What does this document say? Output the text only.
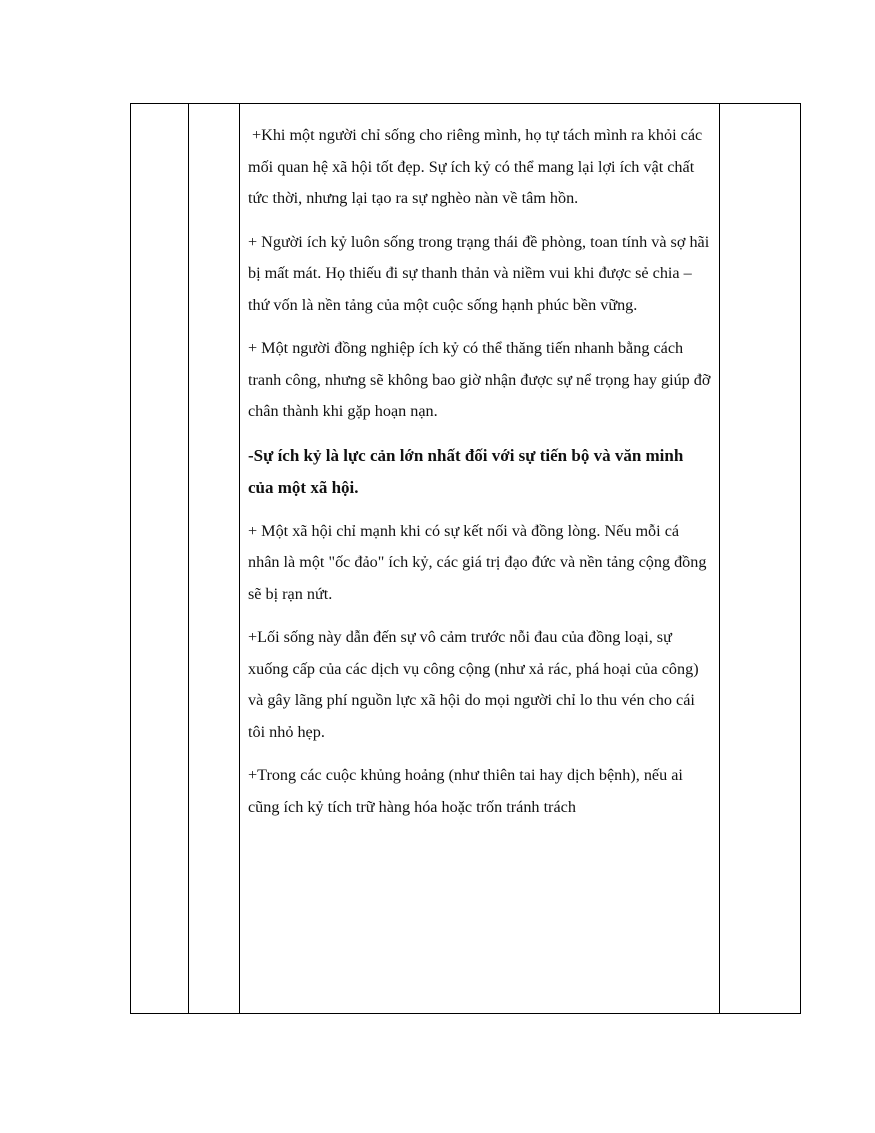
+Khi một người chỉ sống cho riêng mình, họ tự tách mình ra khỏi các mối quan hệ xã hội tốt đẹp. Sự ích kỷ có thể mang lại lợi ích vật chất tức thời, nhưng lại tạo ra sự nghèo nàn về tâm hồn.

+ Người ích kỷ luôn sống trong trạng thái đề phòng, toan tính và sợ hãi bị mất mát. Họ thiếu đi sự thanh thản và niềm vui khi được sẻ chia – thứ vốn là nền tảng của một cuộc sống hạnh phúc bền vững.

+ Một người đồng nghiệp ích kỷ có thể thăng tiến nhanh bằng cách tranh công, nhưng sẽ không bao giờ nhận được sự nể trọng hay giúp đỡ chân thành khi gặp hoạn nạn.

-Sự ích kỷ là lực cản lớn nhất đối với sự tiến bộ và văn minh của một xã hội.

+ Một xã hội chỉ mạnh khi có sự kết nối và đồng lòng. Nếu mỗi cá nhân là một "ốc đảo" ích kỷ, các giá trị đạo đức và nền tảng cộng đồng sẽ bị rạn nứt.

+Lối sống này dẫn đến sự vô cảm trước nỗi đau của đồng loại, sự xuống cấp của các dịch vụ công cộng (như xả rác, phá hoại của công) và gây lãng phí nguồn lực xã hội do mọi người chỉ lo thu vén cho cái tôi nhỏ hẹp.

+Trong các cuộc khủng hoảng (như thiên tai hay dịch bệnh), nếu ai cũng ích kỷ tích trữ hàng hóa hoặc trốn tránh trách
